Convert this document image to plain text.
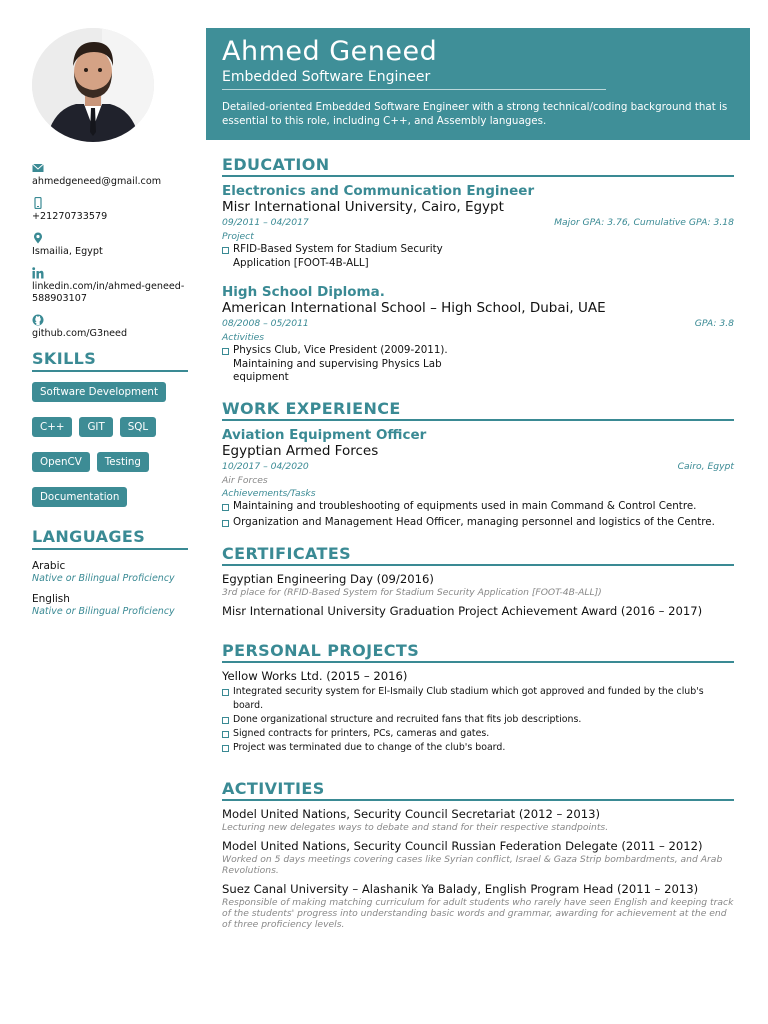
ahmedgeneed@gmail.com
+21270733579
Ismailia, Egypt
linkedin.com/in/ahmed-geneed-588903107
github.com/G3need
SKILLS
Software Development
C++	GIT	SQL
OpenCV	Testing
Documentation
LANGUAGES
Arabic
Native or Bilingual Proficiency
English
Native or Bilingual Proficiency
Ahmed Geneed
Embedded Software Engineer
Detailed-oriented Embedded Software Engineer with a strong technical/coding background that is essential to this role, including C++, and Assembly languages.
EDUCATION
Electronics and Communication Engineer
Misr International University, Cairo, Egypt
09/2011 – 04/2017	Major GPA: 3.76, Cumulative GPA: 3.18
Project
RFID-Based System for Stadium Security Application [FOOT-4B-ALL]
High School Diploma.
American International School – High School, Dubai, UAE
08/2008 – 05/2011	GPA: 3.8
Activities
Physics Club, Vice President (2009-2011). Maintaining and supervising Physics Lab equipment
WORK EXPERIENCE
Aviation Equipment Officer
Egyptian Armed Forces
10/2017 – 04/2020	Cairo, Egypt
Air Forces
Achievements/Tasks
Maintaining and troubleshooting of equipments used in main Command & Control Centre.
Organization and Management Head Officer, managing personnel and logistics of the Centre.
CERTIFICATES
Egyptian Engineering Day (09/2016)
3rd place for (RFID-Based System for Stadium Security Application [FOOT-4B-ALL])
Misr International University Graduation Project Achievement Award (2016 – 2017)
PERSONAL PROJECTS
Yellow Works Ltd. (2015 – 2016)
Integrated security system for El-Ismaily Club stadium which got approved and funded by the club's board.
Done organizational structure and recruited fans that fits job descriptions.
Signed contracts for printers, PCs, cameras and gates.
Project was terminated due to change of the club's board.
ACTIVITIES
Model United Nations, Security Council Secretariat (2012 – 2013)
Lecturing new delegates ways to debate and stand for their respective standpoints.
Model United Nations, Security Council Russian Federation Delegate (2011 – 2012)
Worked on 5 days meetings covering cases like Syrian conflict, Israel & Gaza Strip bombardments, and Arab Revolutions.
Suez Canal University – Alashanik Ya Balady, English Program Head (2011 – 2013)
Responsible of making matching curriculum for adult students who rarely have seen English and keeping track of the students' progress into understanding basic words and grammar, awarding for achievement at the end of three proficiency levels.
